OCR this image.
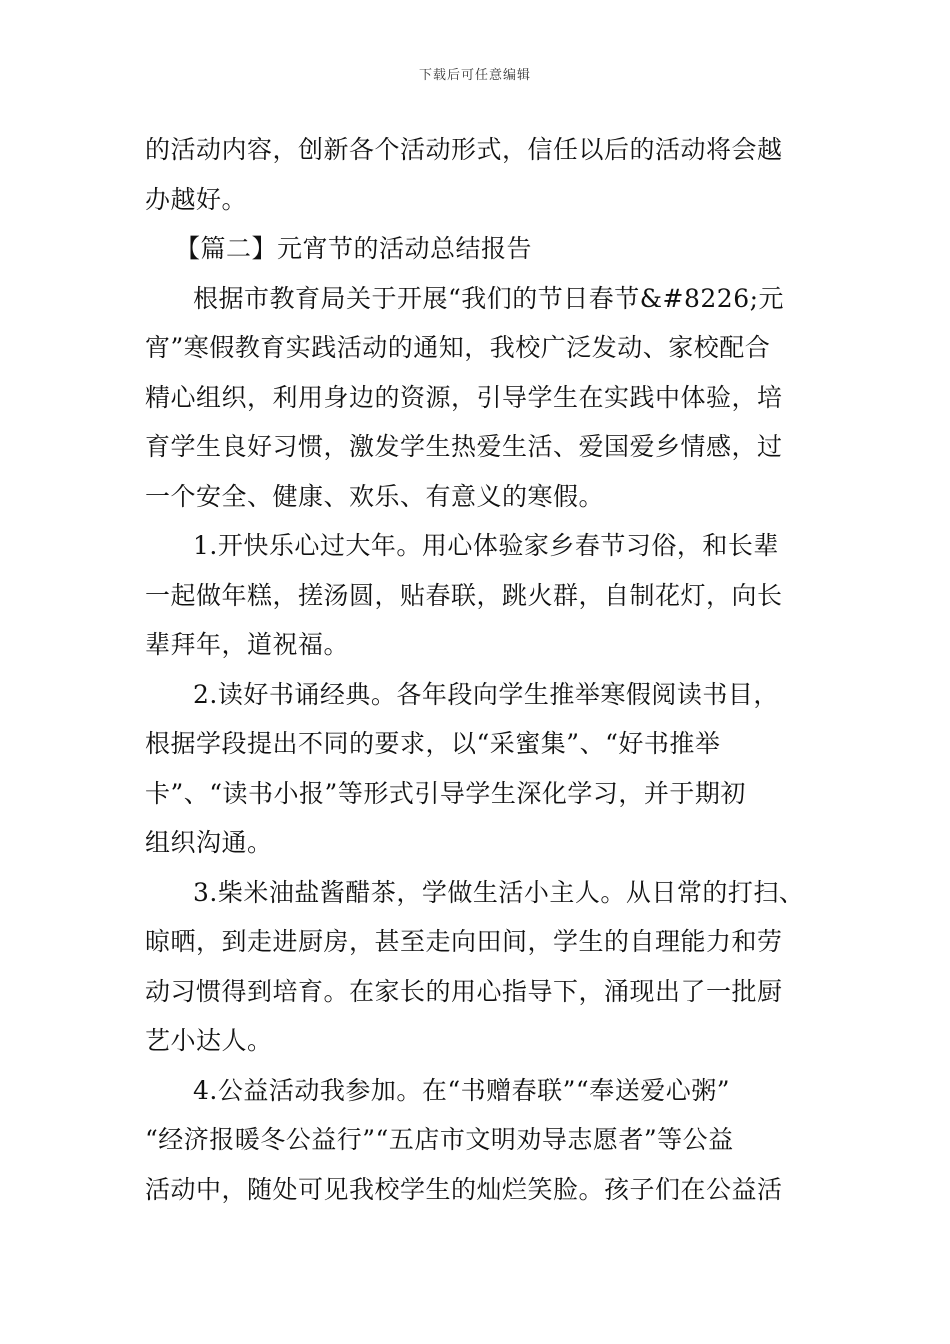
下载后可任意编辑
的活动内容，创新各个活动形式，信任以后的活动将会越
办越好。
【篇二】元宵节的活动总结报告
根据市教育局关于开展“我们的节日春节&#8226;元
宵”寒假教育实践活动的通知，我校广泛发动、家校配合
精心组织，利用身边的资源，引导学生在实践中体验，培
育学生良好习惯，激发学生热爱生活、爱国爱乡情感，过
一个安全、健康、欢乐、有意义的寒假。
1.开快乐心过大年。用心体验家乡春节习俗，和长辈
一起做年糕，搓汤圆，贴春联，跳火群，自制花灯，向长
辈拜年，道祝福。
2.读好书诵经典。各年段向学生推举寒假阅读书目，
根据学段提出不同的要求，以“采蜜集”、“好书推举
卡”、“读书小报”等形式引导学生深化学习，并于期初
组织沟通。
3.柴米油盐酱醋茶，学做生活小主人。从日常的打扫、
晾晒，到走进厨房，甚至走向田间，学生的自理能力和劳
动习惯得到培育。在家长的用心指导下，涌现出了一批厨
艺小达人。
4.公益活动我参加。在“书赠春联”“奉送爱心粥”
“经济报暖冬公益行”“五店市文明劝导志愿者”等公益
活动中，随处可见我校学生的灿烂笑脸。孩子们在公益活
